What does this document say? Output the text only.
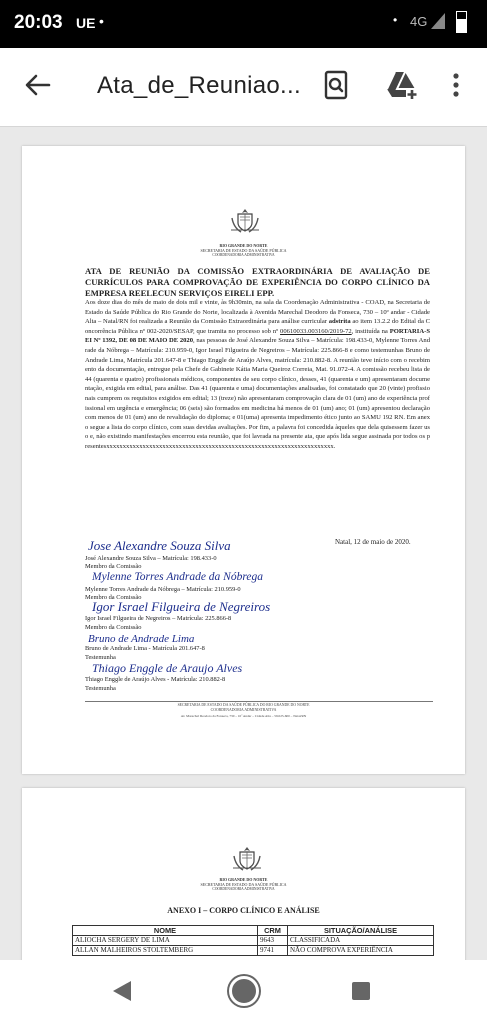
20:03 UE •	• 4G
Ata_de_Reuniao...
RIO GRANDE DO NORTE
SECRETARIA DE ESTADO DA SAÚDE PÚBLICA
COORDENADORIA ADMINISTRATIVA
ATA DE REUNIÃO DA COMISSÃO EXTRAORDINÁRIA DE AVALIAÇÃO DE CURRÍCULOS PARA COMPROVAÇÃO DE EXPERIÊNCIA DO CORPO CLÍNICO DA EMPRESA REELECUN SERVIÇOS EIRELI EPP.
Aos doze dias do mês de maio de dois mil e vinte, às 9h30min, na sala da Coordenação Administrativa - COAD, na Secretaria de Estado da Saúde Pública do Rio Grande do Norte, localizada à Avenida Marechal Deodoro da Fonseca, 730 – 10º andar - Cidade Alta – Natal/RN foi realizada a Reunião da Comissão Extraordinária para análise curricular adstrita ao item 13.2.2 do Edital da Concorrência Pública nº 002-2020/SESAP, que tramita no processo sob nº 00610033.003160/2019-72, instituída na PORTARIA-SEI Nº 1392, DE 08 DE MAIO DE 2020, nas pessoas de José Alexandre Souza Silva – Matrícula: 198.433-0, Mylenne Torres Andrade da Nóbrega – Matrícula: 210.959-0, Igor Israel Filgueira de Negreiros – Matrícula: 225.866-8 e como testemunhas Bruno de Andrade Lima, Matrícula 201.647-8 e Thiago Enggle de Araújo Alves, matrícula: 210.882-8. A reunião teve início com o recebimento da documentação, entregue pela Chefe de Gabinete Kátia Maria Queiroz Correia, Mat. 91.072-4. A comissão recebeu lista de 44 (quarenta e quatro) profissionais médicos, componentes de seu corpo clínico, desses, 41 (quarenta e um) apresentaram documentação, exigida em edital, para análise. Das 41 (quarenta e uma) documentações analisadas, foi constatado que 20 (vinte) profissionais cumprem os requisitos exigidos em edital; 13 (treze) não apresentaram comprovação clara de 01 (um) ano de experiência profissional em urgência e emergência; 06 (seis) são formados em medicina há menos de 01 (um) ano; 01 (um) apresentou declaração com menos de 01 (um) ano de revalidação do diploma; e 01(uma) apresenta impedimento ético junto ao SAMU 192 RN. Em anexo segue a lista do corpo clínico, com suas devidas avaliações. Por fim, a palavra foi concedida àqueles que dela quisessem fazer uso e, não existindo manifestações encerrou esta reunião, que foi lavrada na presente ata, que após lida segue assinada por todos os presentesxxxxxxxxxxxxxxxxxxxxxxxxxxxxxxxxxxxxxxxxxxxxxxxxxxxxxxxxxxxxxxxxxxxxx.
Natal, 12 de maio de 2020.
Jose Alexandre Souza Silva
José Alexandre Souza Silva – Matrícula: 198.433-0
Membro da Comissão
Mylenne Torres Andrade da Nóbrega
Mylenne Torres Andrade da Nóbrega – Matrícula: 210.959-0
Membro da Comissão
Igor Israel Filgueira de Negreiros
Igor Israel Filgueira de Negreiros – Matrícula: 225.866-8
Membro da Comissão
Bruno de Andrade Lima
Bruno de Andrade Lima - Matrícula 201.647-8
Testemunha
Thiago Enggle de Araujo Alves
Thiago Enggle de Araújo Alves - Matrícula: 210.882-8
Testemunha
SECRETARIA DE ESTADO DA SAÚDE PÚBLICA DO RIO GRANDE DO NORTE
COORDENADORIA ADMINISTRATIVA
Av. Marechal Deodoro da Fonseca, 730 – 10º Andar – Cidade Alta – 59.025-600 – Natal/RN
RIO GRANDE DO NORTE
SECRETARIA DE ESTADO DA SAÚDE PÚBLICA
COORDENADORIA ADMINISTRATIVA
ANEXO I – CORPO CLÍNICO E ANÁLISE
NOME	CRM	SITUAÇÃO/ANÁLISE
ALIOCHA SERGERY DE LIMA	9643	CLASSIFICADA
ALLAN MALHEIROS STOLTEMBERG	9741	NÃO COMPROVA EXPERIÊNCIA
